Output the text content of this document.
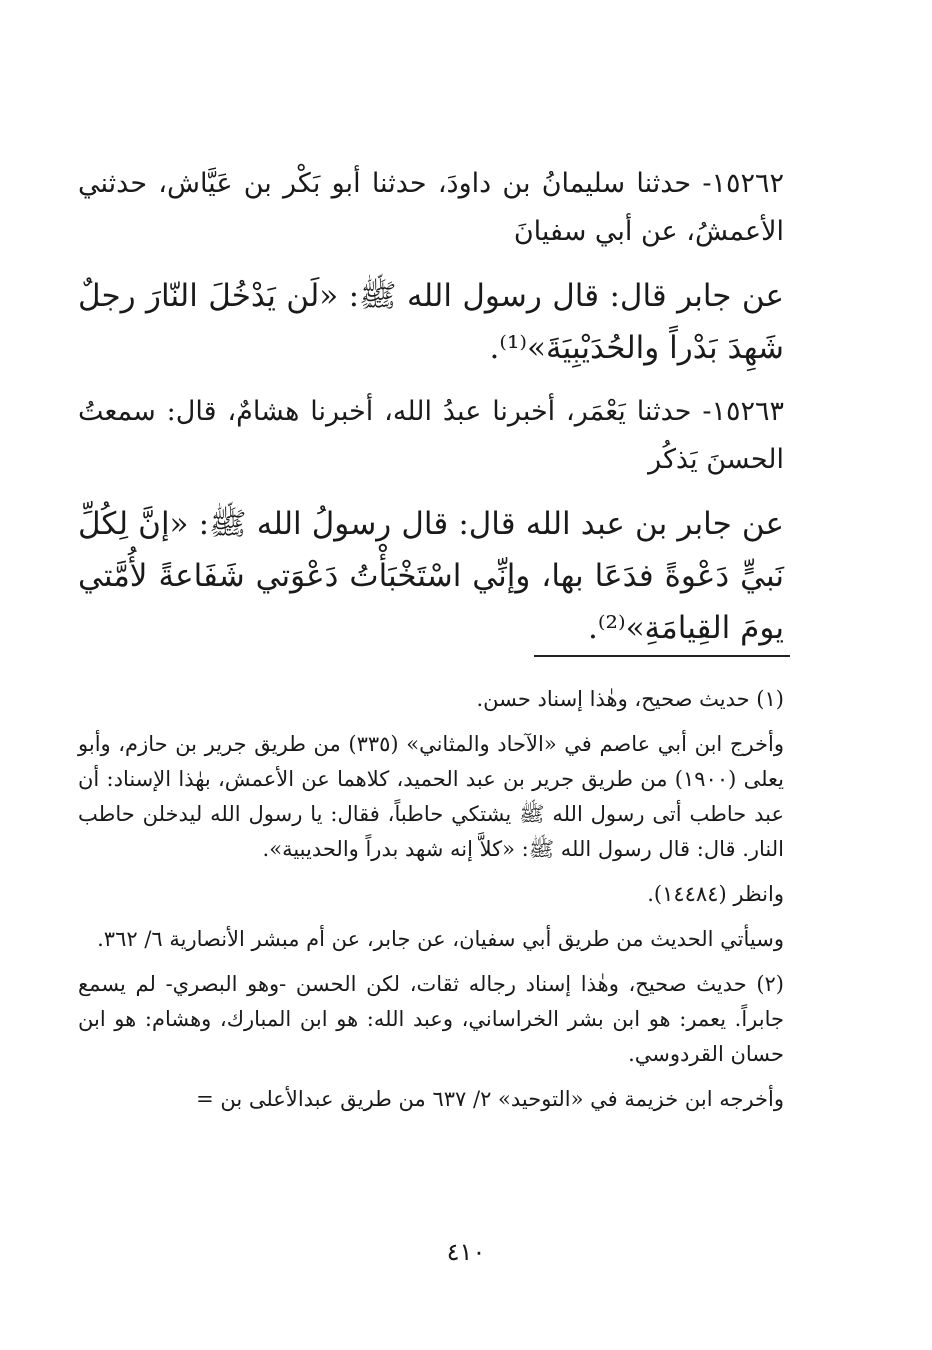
١٥٢٦٢- حدثنا سليمانُ بن داودَ، حدثنا أبو بَكْر بن عَيَّاش، حدثني الأعمشُ، عن أبي سفيانَ

عن جابر قال: قال رسول الله ﷺ: «لَن يَدْخُلَ النّارَ رجلٌ شَهِدَ بَدْراً والحُدَيْبِيَةَ»⁽¹⁾.

١٥٢٦٣- حدثنا يَعْمَر، أخبرنا عبدُ الله، أخبرنا هشامٌ، قال: سمعتُ الحسنَ يَذكُر

عن جابر بن عبد الله قال: قال رسولُ الله ﷺ: «إنَّ لِكُلِّ نَبيٍّ دَعْوةً فدَعَا بها، وإنِّي اسْتَخْبَأْتُ دَعْوَتي شَفَاعةً لأُمَّتي يومَ القِيامَةِ»⁽²⁾.

(١) حديث صحيح، وهٰذا إسناد حسن.

وأخرج ابن أبي عاصم في «الآحاد والمثاني» (٣٣٥) من طريق جرير بن حازم، وأبو يعلى (١٩٠٠) من طريق جرير بن عبد الحميد، كلاهما عن الأعمش، بهٰذا الإسناد: أن عبد حاطب أتى رسول الله ﷺ يشتكي حاطباً، فقال: يا رسول الله ليدخلن حاطب النار. قال: قال رسول الله ﷺ: «كلاَّ إنه شهد بدراً والحديبية».

وانظر (١٤٤٨٤).

وسيأتي الحديث من طريق أبي سفيان، عن جابر، عن أم مبشر الأنصارية ٦/ ٣٦٢.

(٢) حديث صحيح، وهٰذا إسناد رجاله ثقات، لكن الحسن -وهو البصري- لم يسمع جابراً. يعمر: هو ابن بشر الخراساني، وعبد الله: هو ابن المبارك، وهشام: هو ابن حسان القردوسي.

وأخرجه ابن خزيمة في «التوحيد» ٢/ ٦٣٧ من طريق عبدالأعلى بن =

٤١٠
